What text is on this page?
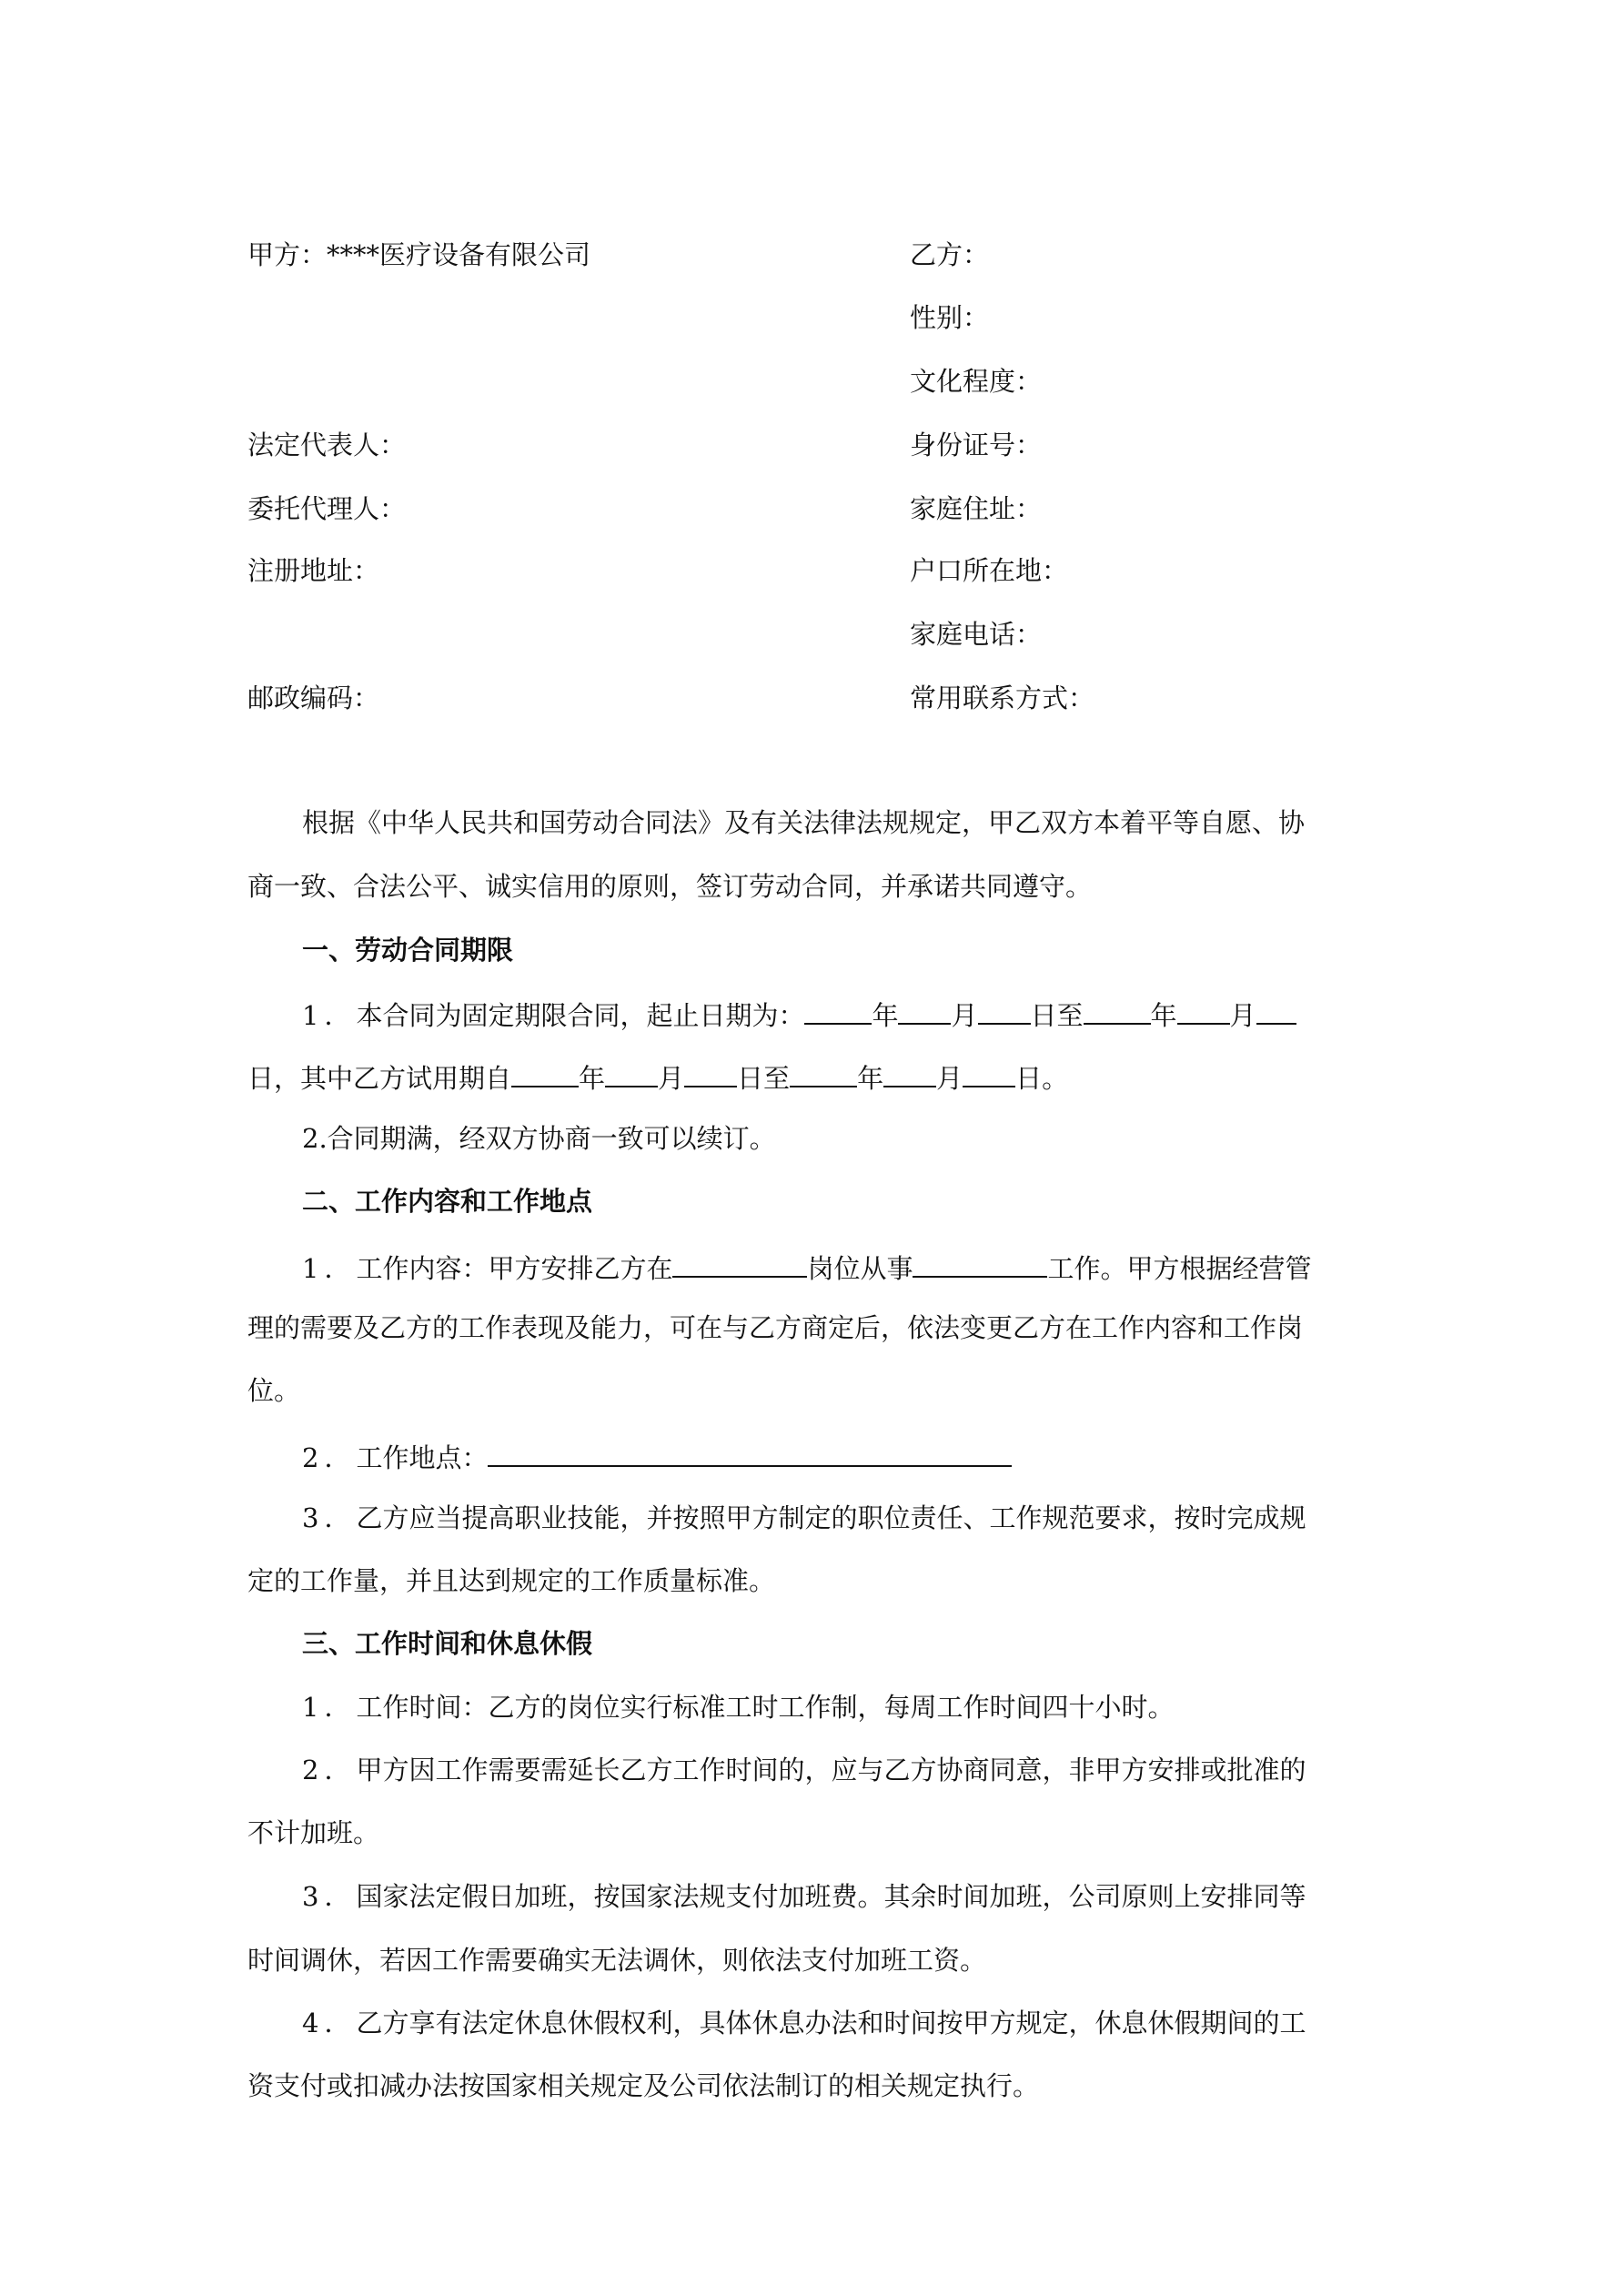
甲方：****医疗设备有限公司	乙方：
性别：
文化程度：
法定代表人：	身份证号：
委托代理人：	家庭住址：
注册地址：	户口所在地：
家庭电话：
邮政编码：	常用联系方式：
根据《中华人民共和国劳动合同法》及有关法律法规规定，甲乙双方本着平等自愿、协
商一致、合法公平、诚实信用的原则，签订劳动合同，并承诺共同遵守。
一、劳动合同期限
1．本合同为固定期限合同，起止日期为：	年 月 日至	年 月
日，其中乙方试用期自	年 月 日至	年 月 日。
2.合同期满，经双方协商一致可以续订。
二、工作内容和工作地点
1．工作内容：甲方安排乙方在	岗位从事	工作。甲方根据经营管
理的需要及乙方的工作表现及能力，可在与乙方商定后，依法变更乙方在工作内容和工作岗
位。
2．工作地点：
3．乙方应当提高职业技能，并按照甲方制定的职位责任、工作规范要求，按时完成规
定的工作量，并且达到规定的工作质量标准。
三、工作时间和休息休假
1．工作时间：乙方的岗位实行标准工时工作制，每周工作时间四十小时。
2．甲方因工作需要需延长乙方工作时间的，应与乙方协商同意，非甲方安排或批准的
不计加班。
3．国家法定假日加班，按国家法规支付加班费。其余时间加班，公司原则上安排同等
时间调休，若因工作需要确实无法调休，则依法支付加班工资。
4．乙方享有法定休息休假权利，具体休息办法和时间按甲方规定，休息休假期间的工
资支付或扣减办法按国家相关规定及公司依法制订的相关规定执行。
